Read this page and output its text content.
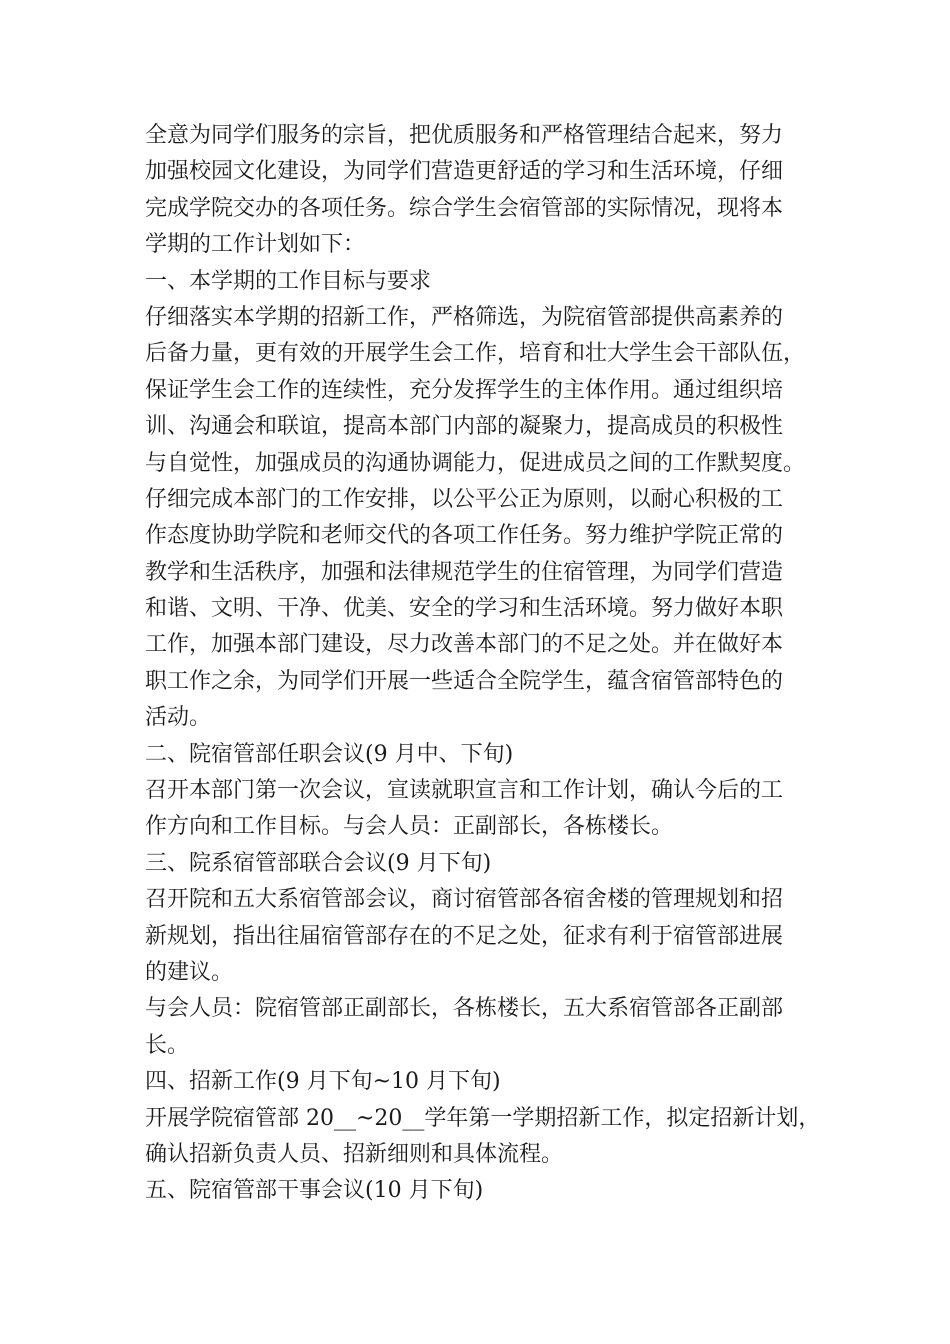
全意为同学们服务的宗旨，把优质服务和严格管理结合起来，努力
加强校园文化建设，为同学们营造更舒适的学习和生活环境，仔细
完成学院交办的各项任务。综合学生会宿管部的实际情况，现将本
学期的工作计划如下：
一、本学期的工作目标与要求
仔细落实本学期的招新工作，严格筛选，为院宿管部提供高素养的
后备力量，更有效的开展学生会工作，培育和壮大学生会干部队伍，
保证学生会工作的连续性，充分发挥学生的主体作用。通过组织培
训、沟通会和联谊，提高本部门内部的凝聚力，提高成员的积极性
与自觉性，加强成员的沟通协调能力，促进成员之间的工作默契度。
仔细完成本部门的工作安排，以公平公正为原则，以耐心积极的工
作态度协助学院和老师交代的各项工作任务。努力维护学院正常的
教学和生活秩序，加强和法律规范学生的住宿管理，为同学们营造
和谐、文明、干净、优美、安全的学习和生活环境。努力做好本职
工作，加强本部门建设，尽力改善本部门的不足之处。并在做好本
职工作之余，为同学们开展一些适合全院学生，蕴含宿管部特色的
活动。
二、院宿管部任职会议(9 月中、下旬)
召开本部门第一次会议，宣读就职宣言和工作计划，确认今后的工
作方向和工作目标。与会人员：正副部长，各栋楼长。
三、院系宿管部联合会议(9 月下旬)
召开院和五大系宿管部会议，商讨宿管部各宿舍楼的管理规划和招
新规划，指出往届宿管部存在的不足之处，征求有利于宿管部进展
的建议。
与会人员：院宿管部正副部长，各栋楼长，五大系宿管部各正副部
长。
四、招新工作(9 月下旬~10 月下旬)
开展学院宿管部 20__~20__学年第一学期招新工作，拟定招新计划，
确认招新负责人员、招新细则和具体流程。
五、院宿管部干事会议(10 月下旬)
